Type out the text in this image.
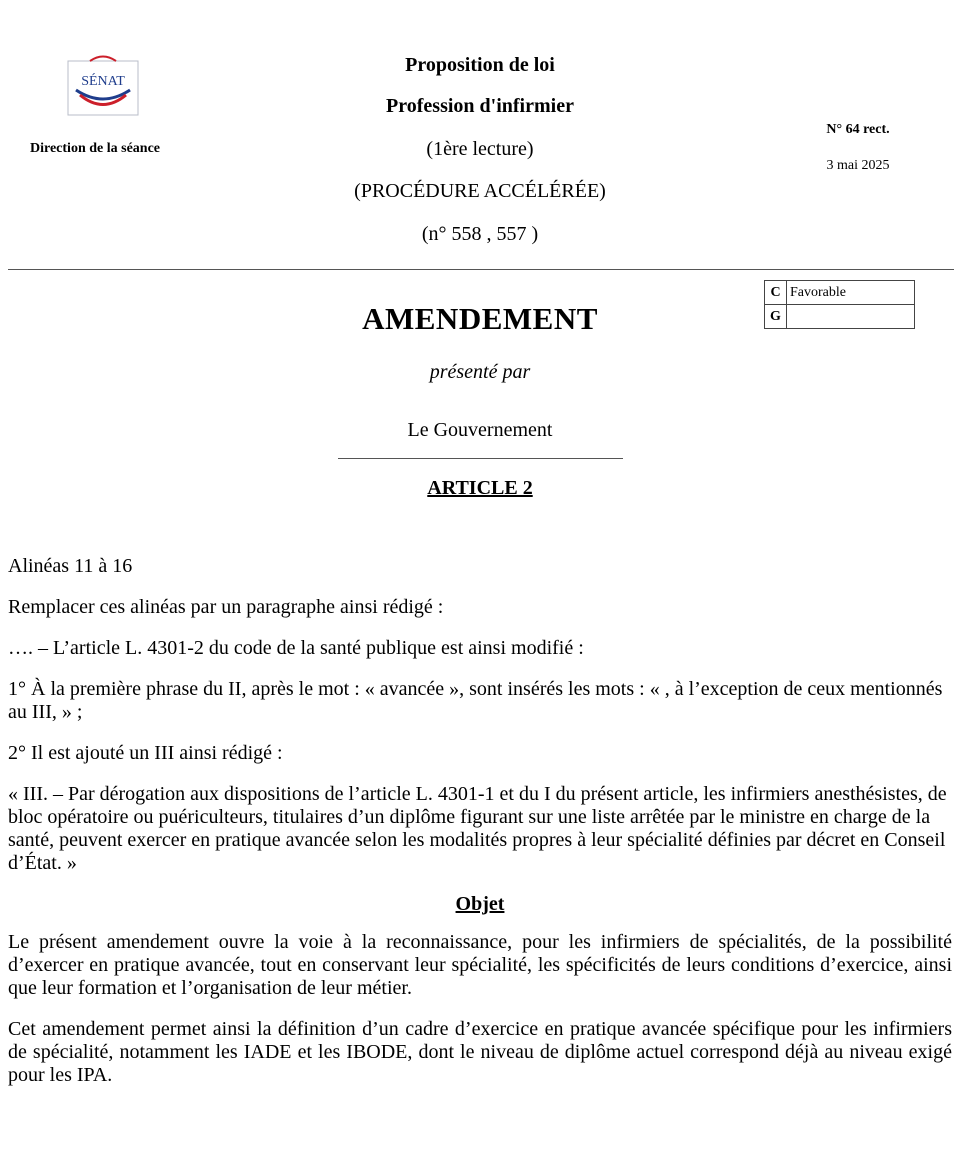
SÉNAT
Direction de la séance
Proposition de loi
Profession d'infirmier
(1ère lecture)
(PROCÉDURE ACCÉLÉRÉE)
(n° 558 , 557 )
N° 64 rect.
3 mai 2025
C	Favorable
G	
AMENDEMENT
présenté par
Le Gouvernement
ARTICLE 2

Alinéas 11 à 16

Remplacer ces alinéas par un paragraphe ainsi rédigé :

…. – L’article L. 4301-2 du code de la santé publique est ainsi modifié :

1° À la première phrase du II, après le mot : « avancée », sont insérés les mots : « , à l’exception de ceux mentionnés au III, » ;

2° Il est ajouté un III ainsi rédigé :

« III. – Par dérogation aux dispositions de l’article L. 4301-1 et du I du présent article, les infirmiers anesthésistes, de bloc opératoire ou puériculteurs, titulaires d’un diplôme figurant sur une liste arrêtée par le ministre en charge de la santé, peuvent exercer en pratique avancée selon les modalités propres à leur spécialité définies par décret en Conseil d’État. »

Objet

Le présent amendement ouvre la voie à la reconnaissance, pour les infirmiers de spécialités, de la possibilité d’exercer en pratique avancée, tout en conservant leur spécialité, les spécificités de leurs conditions d’exercice, ainsi que leur formation et l’organisation de leur métier.

Cet amendement permet ainsi la définition d’un cadre d’exercice en pratique avancée spécifique pour les infirmiers de spécialité, notamment les IADE et les IBODE, dont le niveau de diplôme actuel correspond déjà au niveau exigé pour les IPA.
